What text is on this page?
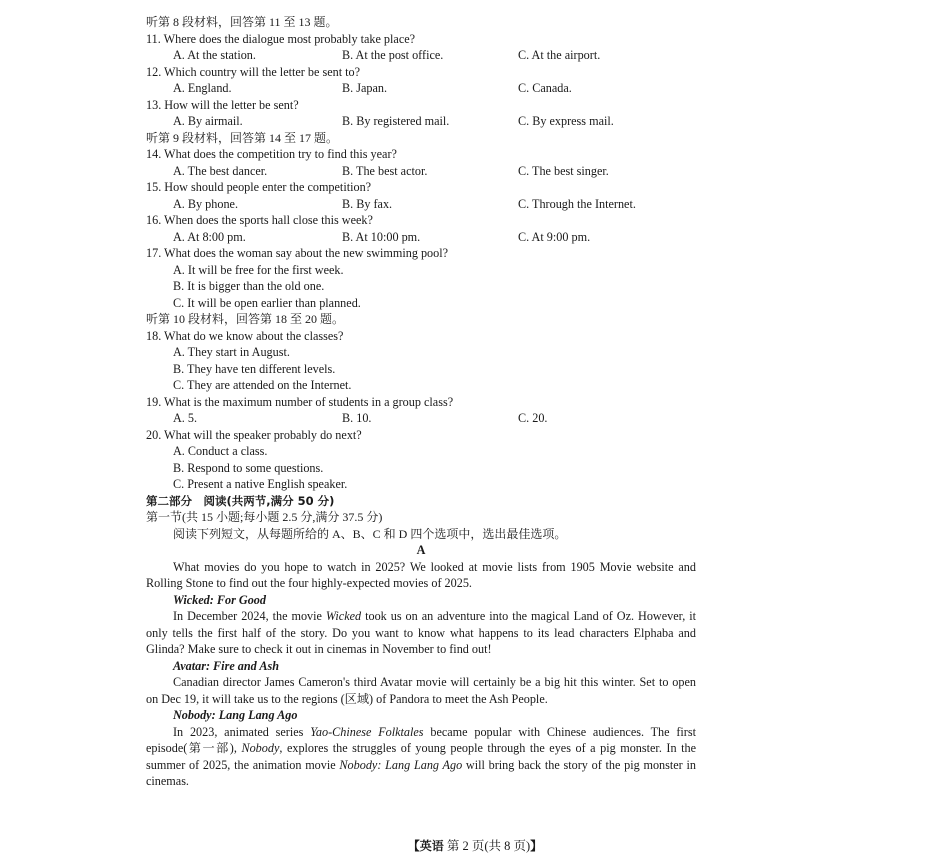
听第 8 段材料，回答第 11 至 13 题。
11. Where does the dialogue most probably take place?
A. At the station.	B. At the post office.	C. At the airport.
12. Which country will the letter be sent to?
A. England.	B. Japan.	C. Canada.
13. How will the letter be sent?
A. By airmail.	B. By registered mail.	C. By express mail.
听第 9 段材料，回答第 14 至 17 题。
14. What does the competition try to find this year?
A. The best dancer.	B. The best actor.	C. The best singer.
15. How should people enter the competition?
A. By phone.	B. By fax.	C. Through the Internet.
16. When does the sports hall close this week?
A. At 8:00 pm.	B. At 10:00 pm.	C. At 9:00 pm.
17. What does the woman say about the new swimming pool?
A. It will be free for the first week.
B. It is bigger than the old one.
C. It will be open earlier than planned.
听第 10 段材料，回答第 18 至 20 题。
18. What do we know about the classes?
A. They start in August.
B. They have ten different levels.
C. They are attended on the Internet.
19. What is the maximum number of students in a group class?
A. 5.	B. 10.	C. 20.
20. What will the speaker probably do next?
A. Conduct a class.
B. Respond to some questions.
C. Present a native English speaker.
第二部分　阅读(共两节,满分 50 分)
第一节(共 15 小题;每小题 2.5 分,满分 37.5 分)
阅读下列短文，从每题所给的 A、B、C 和 D 四个选项中，选出最佳选项。
A
What movies do you hope to watch in 2025? We looked at movie lists from 1905 Movie website and Rolling Stone to find out the four highly-expected movies of 2025.
Wicked: For Good
In December 2024, the movie Wicked took us on an adventure into the magical Land of Oz. However, it only tells the first half of the story. Do you want to know what happens to its lead characters Elphaba and Glinda? Make sure to check it out in cinemas in November to find out!
Avatar: Fire and Ash
Canadian director James Cameron's third Avatar movie will certainly be a big hit this winter. Set to open on Dec 19, it will take us to the regions (区域) of Pandora to meet the Ash People.
Nobody: Lang Lang Ago
In 2023, animated series Yao-Chinese Folktales became popular with Chinese audiences. The first episode(第一部), Nobody, explores the struggles of young people through the eyes of a pig monster. In the summer of 2025, the animation movie Nobody: Lang Lang Ago will bring back the story of the pig monster in cinemas.
【英语 第 2 页(共 8 页)】
